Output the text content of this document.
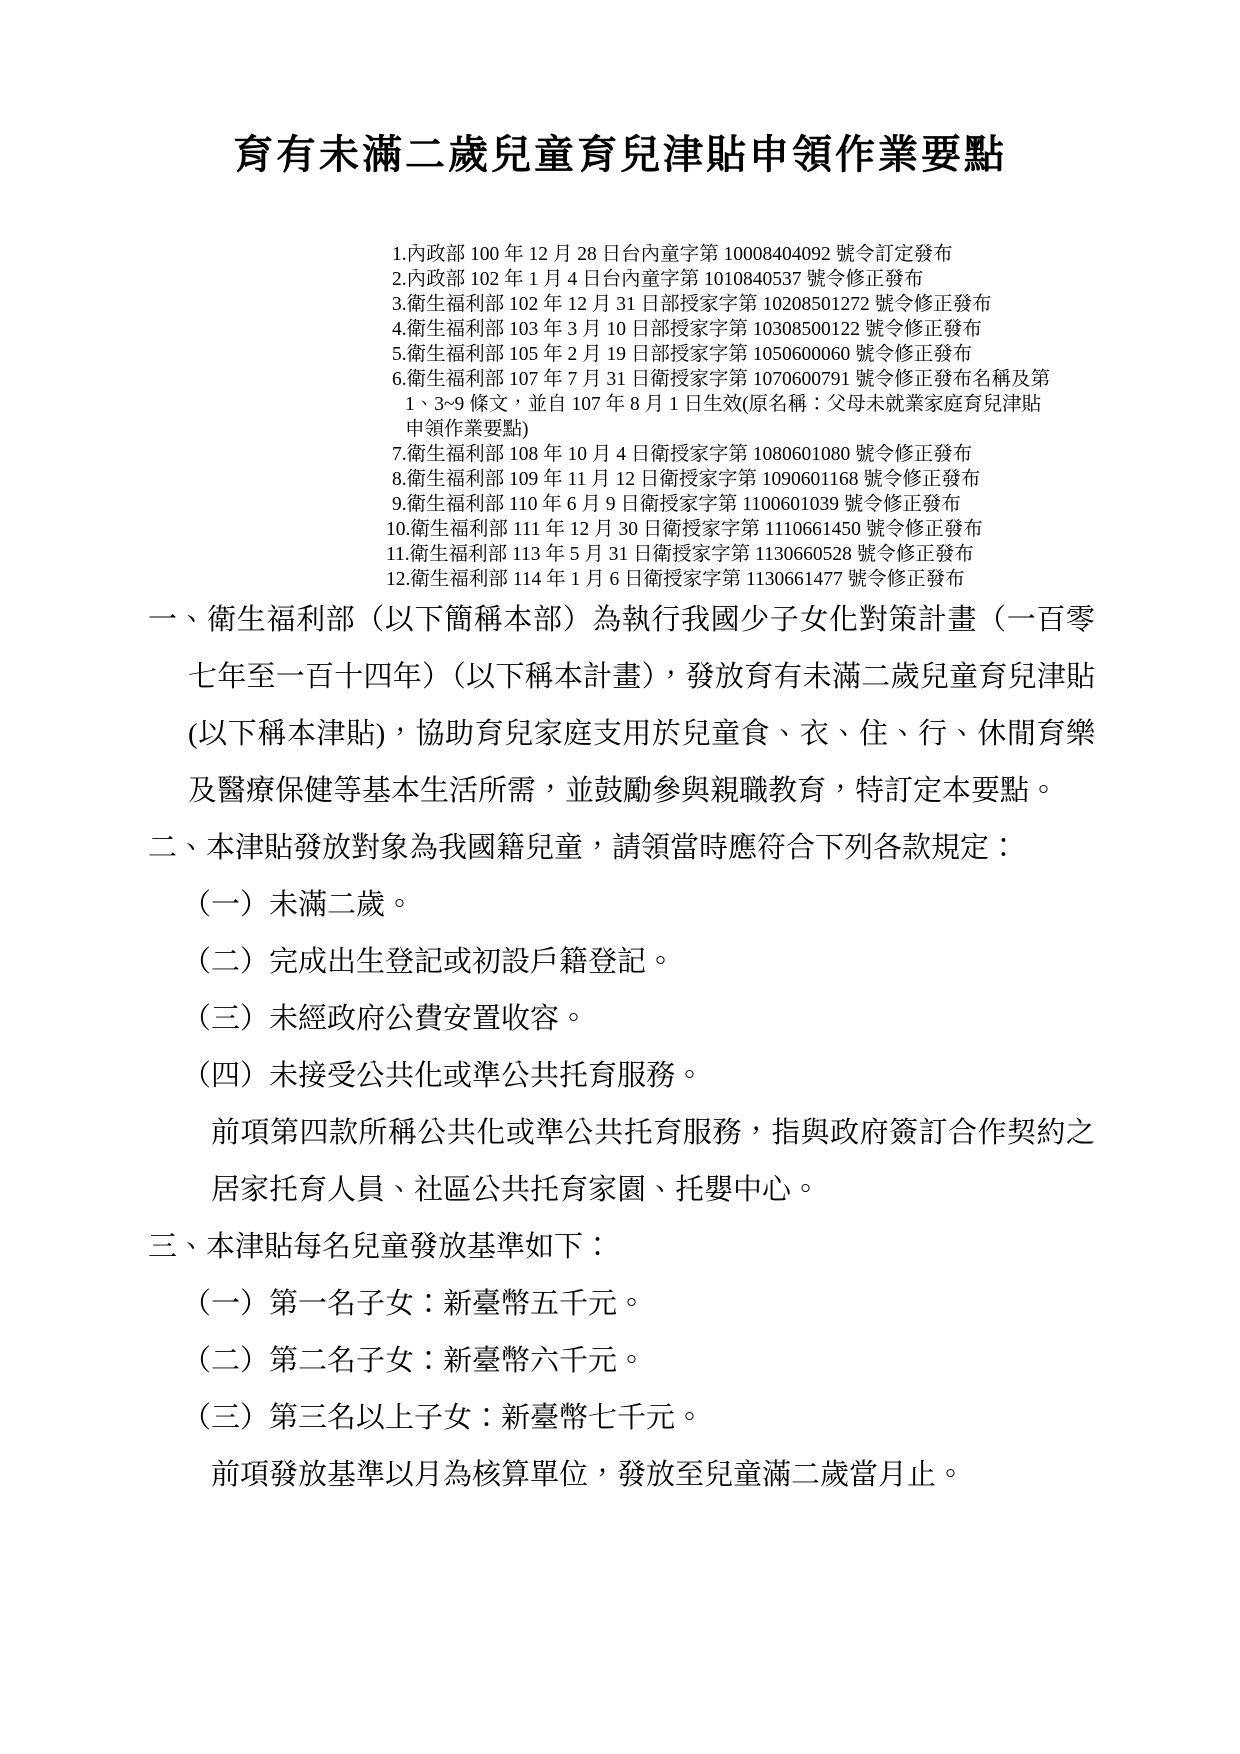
育有未滿二歲兒童育兒津貼申領作業要點
1.內政部 100 年 12 月 28 日台內童字第 10008404092 號令訂定發布
2.內政部 102 年 1 月 4 日台內童字第 1010840537 號令修正發布
3.衛生福利部 102 年 12 月 31 日部授家字第 10208501272 號令修正發布
4.衛生福利部 103 年 3 月 10 日部授家字第 10308500122 號令修正發布
5.衛生福利部 105 年 2 月 19 日部授家字第 1050600060 號令修正發布
6.衛生福利部 107 年 7 月 31 日衛授家字第 1070600791 號令修正發布名稱及第 1、3~9 條文，並自 107 年 8 月 1 日生效(原名稱：父母未就業家庭育兒津貼申領作業要點)
7.衛生福利部 108 年 10 月 4 日衛授家字第 1080601080 號令修正發布
8.衛生福利部 109 年 11 月 12 日衛授家字第 1090601168 號令修正發布
9.衛生福利部 110 年 6 月 9 日衛授家字第 1100601039 號令修正發布
10.衛生福利部 111 年 12 月 30 日衛授家字第 1110661450 號令修正發布
11.衛生福利部 113 年 5 月 31 日衛授家字第 1130660528 號令修正發布
12.衛生福利部 114 年 1 月 6 日衛授家字第 1130661477 號令修正發布

一、衛生福利部（以下簡稱本部）為執行我國少子女化對策計畫（一百零七年至一百十四年）（以下稱本計畫），發放育有未滿二歲兒童育兒津貼(以下稱本津貼)，協助育兒家庭支用於兒童食、衣、住、行、休閒育樂及醫療保健等基本生活所需，並鼓勵參與親職教育，特訂定本要點。

二、本津貼發放對象為我國籍兒童，請領當時應符合下列各款規定：

（一）未滿二歲。

（二）完成出生登記或初設戶籍登記。

（三）未經政府公費安置收容。

（四）未接受公共化或準公共托育服務。

前項第四款所稱公共化或準公共托育服務，指與政府簽訂合作契約之居家托育人員、社區公共托育家園、托嬰中心。

三、本津貼每名兒童發放基準如下：

（一）第一名子女：新臺幣五千元。

（二）第二名子女：新臺幣六千元。

（三）第三名以上子女：新臺幣七千元。

前項發放基準以月為核算單位，發放至兒童滿二歲當月止。
